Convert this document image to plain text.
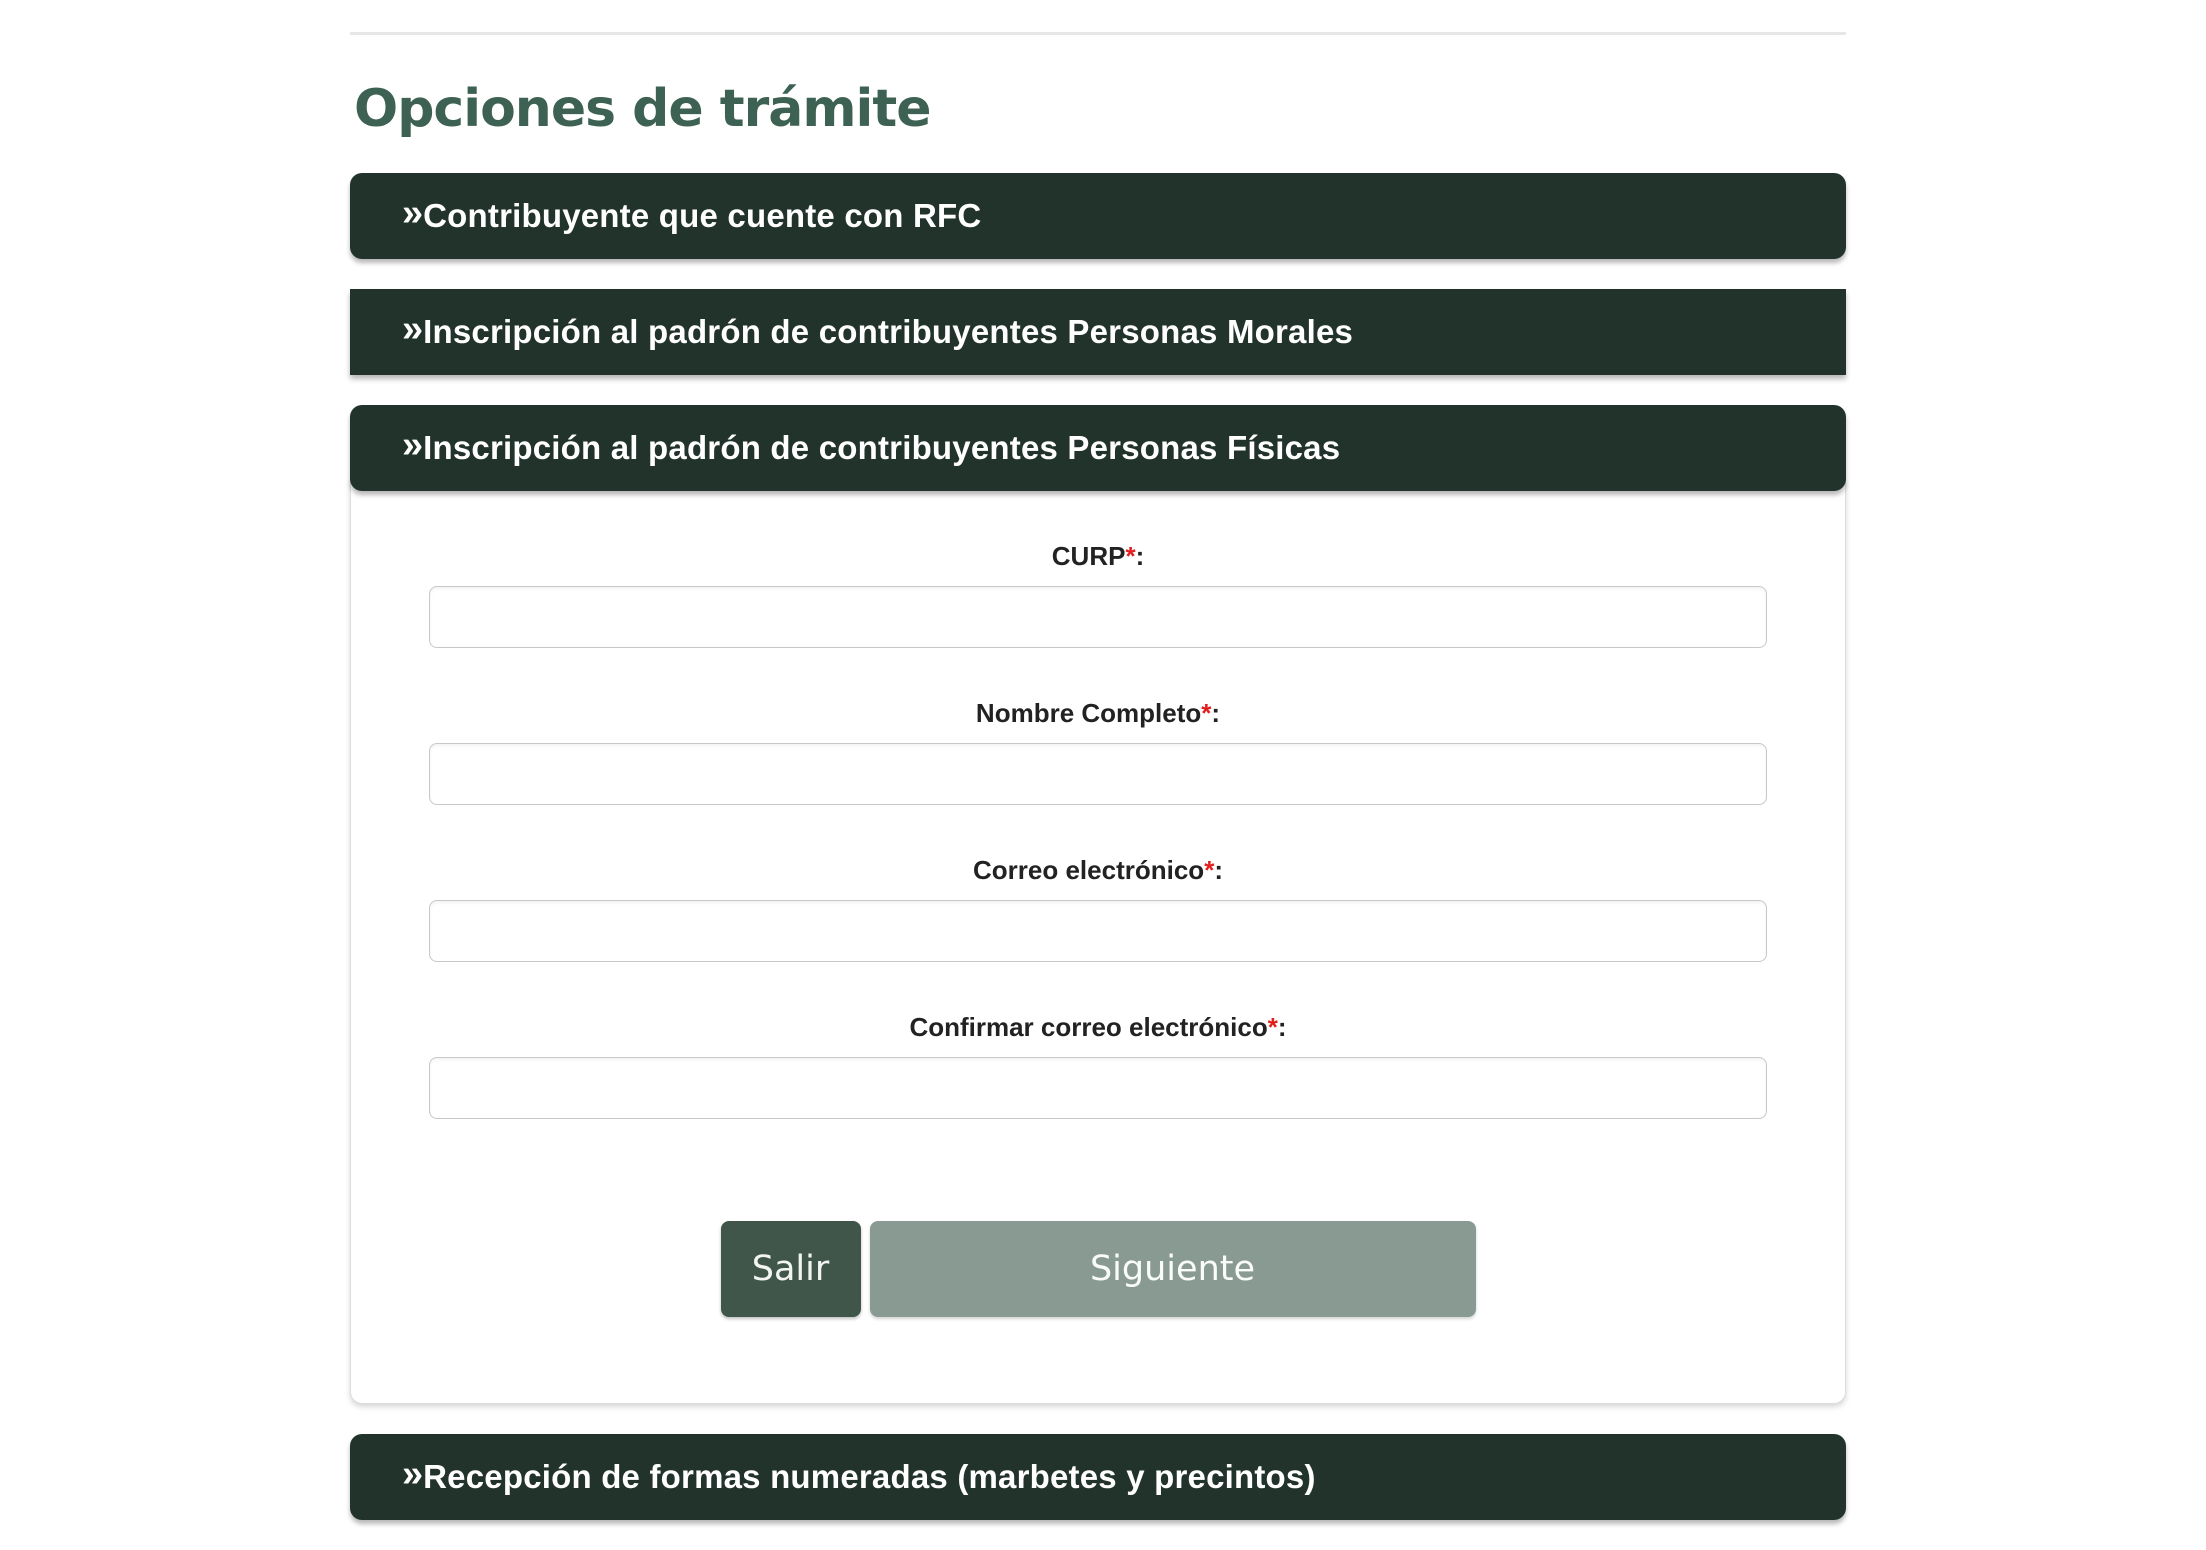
Opciones de trámite
» Contribuyente que cuente con RFC
» Inscripción al padrón de contribuyentes Personas Morales
» Inscripción al padrón de contribuyentes Personas Físicas
CURP*:
Nombre Completo*:
Correo electrónico*:
Confirmar correo electrónico*:
Salir	Siguiente
» Recepción de formas numeradas (marbetes y precintos)
